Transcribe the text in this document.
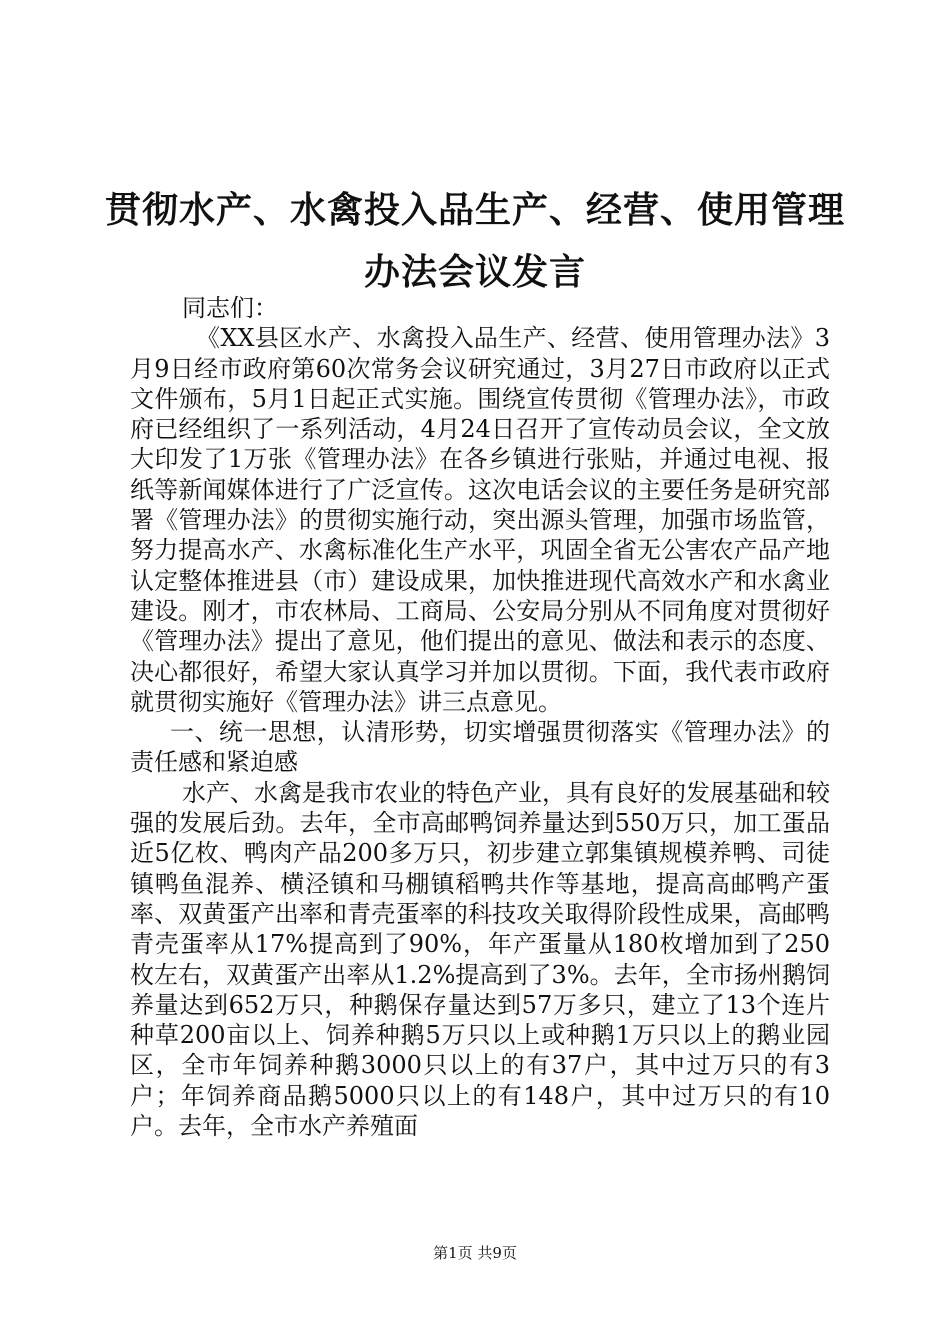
贯彻水产、水禽投入品生产、经营、使用管理
办法会议发言

同志们：

《XX县区水产、水禽投入品生产、经营、使用管理办法》3月9日经市政府第60次常务会议研究通过，3月27日市政府以正式文件颁布，5月1日起正式实施。围绕宣传贯彻《管理办法》，市政府已经组织了一系列活动，4月24日召开了宣传动员会议，全文放大印发了1万张《管理办法》在各乡镇进行张贴，并通过电视、报纸等新闻媒体进行了广泛宣传。这次电话会议的主要任务是研究部署《管理办法》的贯彻实施行动，突出源头管理，加强市场监管，努力提高水产、水禽标准化生产水平，巩固全省无公害农产品产地认定整体推进县（市）建设成果，加快推进现代高效水产和水禽业建设。刚才，市农林局、工商局、公安局分别从不同角度对贯彻好《管理办法》提出了意见，他们提出的意见、做法和表示的态度、决心都很好，希望大家认真学习并加以贯彻。下面，我代表市政府就贯彻实施好《管理办法》讲三点意见。

一、统一思想，认清形势，切实增强贯彻落实《管理办法》的责任感和紧迫感

水产、水禽是我市农业的特色产业，具有良好的发展基础和较强的发展后劲。去年，全市高邮鸭饲养量达到550万只，加工蛋品近5亿枚、鸭肉产品200多万只，初步建立郭集镇规模养鸭、司徒镇鸭鱼混养、横泾镇和马棚镇稻鸭共作等基地，提高高邮鸭产蛋率、双黄蛋产出率和青壳蛋率的科技攻关取得阶段性成果，高邮鸭青壳蛋率从17%提高到了90%，年产蛋量从180枚增加到了250枚左右，双黄蛋产出率从1.2%提高到了3%。去年，全市扬州鹅饲养量达到652万只，种鹅保存量达到57万多只，建立了13个连片种草200亩以上、饲养种鹅5万只以上或种鹅1万只以上的鹅业园区，全市年饲养种鹅3000只以上的有37户，其中过万只的有3户；年饲养商品鹅5000只以上的有148户，其中过万只的有10户。去年，全市水产养殖面

第1页 共9页
